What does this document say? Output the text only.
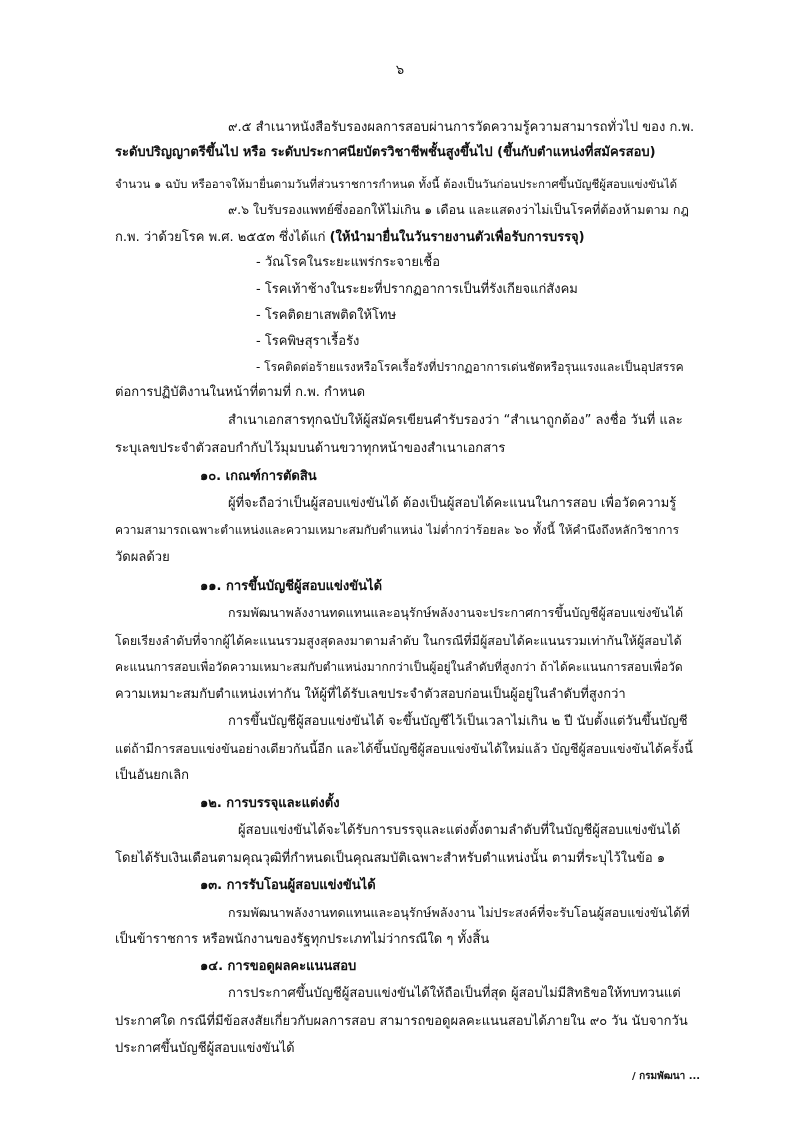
๖
๙.๕ สำเนาหนังสือรับรองผลการสอบผ่านการวัดความรู้ความสามารถทั่วไป ของ ก.พ.
ระดับปริญญาตรีขึ้นไป หรือ ระดับประกาศนียบัตรวิชาชีพชั้นสูงขึ้นไป (ขึ้นกับตำแหน่งที่สมัครสอบ)
จำนวน ๑ ฉบับ หรืออาจให้มายื่นตามวันที่ส่วนราชการกำหนด ทั้งนี้ ต้องเป็นวันก่อนประกาศขึ้นบัญชีผู้สอบแข่งขันได้
๙.๖ ใบรับรองแพทย์ซึ่งออกให้ไม่เกิน ๑ เดือน และแสดงว่าไม่เป็นโรคที่ต้องห้ามตาม กฎ
ก.พ. ว่าด้วยโรค พ.ศ. ๒๕๕๓ ซึ่งได้แก่ (ให้นำมายื่นในวันรายงานตัวเพื่อรับการบรรจุ)
- วัณโรคในระยะแพร่กระจายเชื้อ
- โรคเท้าช้างในระยะที่ปรากฏอาการเป็นที่รังเกียจแก่สังคม
- โรคติดยาเสพติดให้โทษ
- โรคพิษสุราเรื้อรัง
- โรคติดต่อร้ายแรงหรือโรคเรื้อรังที่ปรากฏอาการเด่นชัดหรือรุนแรงและเป็นอุปสรรค
ต่อการปฏิบัติงานในหน้าที่ตามที่ ก.พ. กำหนด
สำเนาเอกสารทุกฉบับให้ผู้สมัครเขียนคำรับรองว่า “สำเนาถูกต้อง” ลงชื่อ วันที่ และ
ระบุเลขประจำตัวสอบกำกับไว้มุมบนด้านขวาทุกหน้าของสำเนาเอกสาร
๑๐. เกณฑ์การตัดสิน
ผู้ที่จะถือว่าเป็นผู้สอบแข่งขันได้ ต้องเป็นผู้สอบได้คะแนนในการสอบ เพื่อวัดความรู้
ความสามารถเฉพาะตำแหน่งและความเหมาะสมกับตำแหน่ง ไม่ต่ำกว่าร้อยละ ๖๐ ทั้งนี้ ให้คำนึงถึงหลักวิชาการ
วัดผลด้วย
๑๑. การขึ้นบัญชีผู้สอบแข่งขันได้
กรมพัฒนาพลังงานทดแทนและอนุรักษ์พลังงานจะประกาศการขึ้นบัญชีผู้สอบแข่งขันได้
โดยเรียงลำดับที่จากผู้ได้คะแนนรวมสูงสุดลงมาตามลำดับ ในกรณีที่มีผู้สอบได้คะแนนรวมเท่ากันให้ผู้สอบได้
คะแนนการสอบเพื่อวัดความเหมาะสมกับตำแหน่งมากกว่าเป็นผู้อยู่ในลำดับที่สูงกว่า ถ้าได้คะแนนการสอบเพื่อวัด
ความเหมาะสมกับตำแหน่งเท่ากัน ให้ผู้ที่ได้รับเลขประจำตัวสอบก่อนเป็นผู้อยู่ในลำดับที่สูงกว่า
การขึ้นบัญชีผู้สอบแข่งขันได้ จะขึ้นบัญชีไว้เป็นเวลาไม่เกิน ๒ ปี นับตั้งแต่วันขึ้นบัญชี
แต่ถ้ามีการสอบแข่งขันอย่างเดียวกันนี้อีก และได้ขึ้นบัญชีผู้สอบแข่งขันได้ใหม่แล้ว บัญชีผู้สอบแข่งขันได้ครั้งนี้
เป็นอันยกเลิก
๑๒. การบรรจุและแต่งตั้ง
ผู้สอบแข่งขันได้จะได้รับการบรรจุและแต่งตั้งตามลำดับที่ในบัญชีผู้สอบแข่งขันได้
โดยได้รับเงินเดือนตามคุณวุฒิที่กำหนดเป็นคุณสมบัติเฉพาะสำหรับตำแหน่งนั้น ตามที่ระบุไว้ในข้อ ๑
๑๓. การรับโอนผู้สอบแข่งขันได้
กรมพัฒนาพลังงานทดแทนและอนุรักษ์พลังงาน ไม่ประสงค์ที่จะรับโอนผู้สอบแข่งขันได้ที่
เป็นข้าราชการ หรือพนักงานของรัฐทุกประเภทไม่ว่ากรณีใด ๆ ทั้งสิ้น
๑๔. การขอดูผลคะแนนสอบ
การประกาศขึ้นบัญชีผู้สอบแข่งขันได้ให้ถือเป็นที่สุด ผู้สอบไม่มีสิทธิขอให้ทบทวนแต่
ประกาศใด กรณีที่มีข้อสงสัยเกี่ยวกับผลการสอบ สามารถขอดูผลคะแนนสอบได้ภายใน ๙๐ วัน นับจากวัน
ประกาศขึ้นบัญชีผู้สอบแข่งขันได้
/ กรมพัฒนา ...
